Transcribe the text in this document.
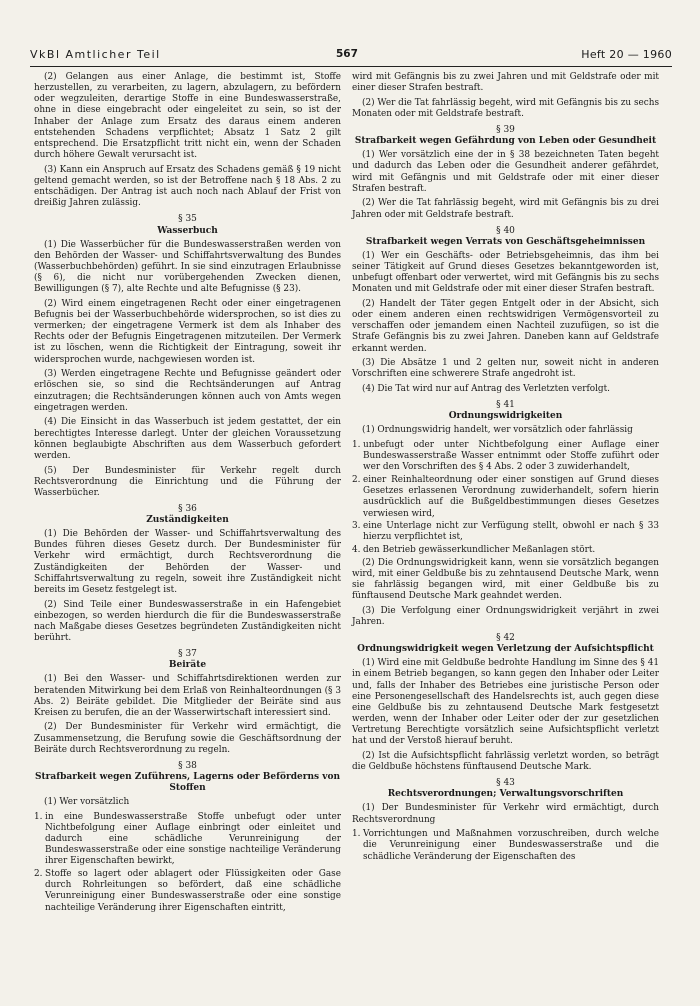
VkBl Amtlicher Teil	567	Heft 20 — 1960

(2) Gelangen aus einer Anlage, die bestimmt ist, Stoffe herzustellen, zu verarbeiten, zu lagern, abzulagern, zu befördern oder wegzuleiten, derartige Stoffe in eine Bundeswasserstraße, ohne in diese eingebracht oder eingeleitet zu sein, so ist der Inhaber der Anlage zum Ersatz des daraus einem anderen entstehenden Schadens verpflichtet; Absatz 1 Satz 2 gilt entsprechend. Die Ersatzpflicht tritt nicht ein, wenn der Schaden durch höhere Gewalt verursacht ist.

(3) Kann ein Anspruch auf Ersatz des Schadens gemäß § 19 nicht geltend gemacht werden, so ist der Betroffene nach § 18 Abs. 2 zu entschädigen. Der Antrag ist auch noch nach Ablauf der Frist von dreißig Jahren zulässig.

§ 35
Wasserbuch

(1) Die Wasserbücher für die Bundeswasserstraßen werden von den Behörden der Wasser- und Schiffahrtsverwaltung des Bundes (Wasserbuchbehörden) geführt. In sie sind einzutragen Erlaubnisse (§ 6), die nicht nur vorübergehenden Zwecken dienen, Bewilligungen (§ 7), alte Rechte und alte Befugnisse (§ 23).

(2) Wird einem eingetragenen Recht oder einer eingetragenen Befugnis bei der Wasserbuchbehörde widersprochen, so ist dies zu vermerken; der eingetragene Vermerk ist dem als Inhaber des Rechts oder der Befugnis Eingetragenen mitzuteilen. Der Vermerk ist zu löschen, wenn die Richtigkeit der Eintragung, soweit ihr widersprochen wurde, nachgewiesen worden ist.

(3) Werden eingetragene Rechte und Befugnisse geändert oder erlöschen sie, so sind die Rechtsänderungen auf Antrag einzutragen; die Rechtsänderungen können auch von Amts wegen eingetragen werden.

(4) Die Einsicht in das Wasserbuch ist jedem gestattet, der ein berechtigtes Interesse darlegt. Unter der gleichen Voraussetzung können beglaubigte Abschriften aus dem Wasserbuch gefordert werden.

(5) Der Bundesminister für Verkehr regelt durch Rechtsverordnung die Einrichtung und die Führung der Wasserbücher.

§ 36
Zuständigkeiten

(1) Die Behörden der Wasser- und Schiffahrtsverwaltung des Bundes führen dieses Gesetz durch. Der Bundesminister für Verkehr wird ermächtigt, durch Rechtsverordnung die Zuständigkeiten der Behörden der Wasser- und Schiffahrtsverwaltung zu regeln, soweit ihre Zuständigkeit nicht bereits im Gesetz festgelegt ist.

(2) Sind Teile einer Bundeswasserstraße in ein Hafengebiet einbezogen, so werden hierdurch die für die Bundeswasserstraße nach Maßgabe dieses Gesetzes begründeten Zuständigkeiten nicht berührt.

§ 37
Beiräte

(1) Bei den Wasser- und Schiffahrtsdirektionen werden zur beratenden Mitwirkung bei dem Erlaß von Reinhalteordnungen (§ 3 Abs. 2) Beiräte gebildet. Die Mitglieder der Beiräte sind aus Kreisen zu berufen, die an der Wasserwirtschaft interessiert sind.

(2) Der Bundesminister für Verkehr wird ermächtigt, die Zusammensetzung, die Berufung sowie die Geschäftsordnung der Beiräte durch Rechtsverordnung zu regeln.

§ 38
Strafbarkeit wegen Zuführens, Lagerns oder Beförderns von Stoffen

(1) Wer vorsätzlich

1. in eine Bundeswasserstraße Stoffe unbefugt oder unter Nichtbefolgung einer Auflage einbringt oder einleitet und dadurch eine schädliche Verunreinigung der Bundeswasserstraße oder eine sonstige nachteilige Veränderung ihrer Eigenschaften bewirkt,

2. Stoffe so lagert oder ablagert oder Flüssigkeiten oder Gase durch Rohrleitungen so befördert, daß eine schädliche Verunreinigung einer Bundeswasserstraße oder eine sonstige nachteilige Veränderung ihrer Eigenschaften eintritt,

wird mit Gefängnis bis zu zwei Jahren und mit Geldstrafe oder mit einer dieser Strafen bestraft.

(2) Wer die Tat fahrlässig begeht, wird mit Gefängnis bis zu sechs Monaten oder mit Geldstrafe bestraft.

§ 39
Strafbarkeit wegen Gefährdung von Leben oder Gesundheit

(1) Wer vorsätzlich eine der in § 38 bezeichneten Taten begeht und dadurch das Leben oder die Gesundheit anderer gefährdet, wird mit Gefängnis und mit Geldstrafe oder mit einer dieser Strafen bestraft.

(2) Wer die Tat fahrlässig begeht, wird mit Gefängnis bis zu drei Jahren oder mit Geldstrafe bestraft.

§ 40
Strafbarkeit wegen Verrats von Geschäftsgeheimnissen

(1) Wer ein Geschäfts- oder Betriebsgeheimnis, das ihm bei seiner Tätigkeit auf Grund dieses Gesetzes bekanntgeworden ist, unbefugt offenbart oder verwertet, wird mit Gefängnis bis zu sechs Monaten und mit Geldstrafe oder mit einer dieser Strafen bestraft.

(2) Handelt der Täter gegen Entgelt oder in der Absicht, sich oder einem anderen einen rechtswidrigen Vermögensvorteil zu verschaffen oder jemandem einen Nachteil zuzufügen, so ist die Strafe Gefängnis bis zu zwei Jahren. Daneben kann auf Geldstrafe erkannt werden.

(3) Die Absätze 1 und 2 gelten nur, soweit nicht in anderen Vorschriften eine schwerere Strafe angedroht ist.

(4) Die Tat wird nur auf Antrag des Verletzten verfolgt.

§ 41
Ordnungswidrigkeiten

(1) Ordnungswidrig handelt, wer vorsätzlich oder fahrlässig

1. unbefugt oder unter Nichtbefolgung einer Auflage einer Bundeswasserstraße Wasser entnimmt oder Stoffe zuführt oder wer den Vorschriften des § 4 Abs. 2 oder 3 zuwiderhandelt,

2. einer Reinhalteordnung oder einer sonstigen auf Grund dieses Gesetzes erlassenen Verordnung zuwiderhandelt, sofern hierin ausdrücklich auf die Bußgeldbestimmungen dieses Gesetzes verwiesen wird,

3. eine Unterlage nicht zur Verfügung stellt, obwohl er nach § 33 hierzu verpflichtet ist,

4. den Betrieb gewässerkundlicher Meßanlagen stört.

(2) Die Ordnungswidrigkeit kann, wenn sie vorsätzlich begangen wird, mit einer Geldbuße bis zu zehntausend Deutsche Mark, wenn sie fahrlässig begangen wird, mit einer Geldbuße bis zu fünftausend Deutsche Mark geahndet werden.

(3) Die Verfolgung einer Ordnungswidrigkeit verjährt in zwei Jahren.

§ 42
Ordnungswidrigkeit wegen Verletzung der Aufsichtspflicht

(1) Wird eine mit Geldbuße bedrohte Handlung im Sinne des § 41 in einem Betrieb begangen, so kann gegen den Inhaber oder Leiter und, falls der Inhaber des Betriebes eine juristische Person oder eine Personengesellschaft des Handelsrechts ist, auch gegen diese eine Geldbuße bis zu zehntausend Deutsche Mark festgesetzt werden, wenn der Inhaber oder Leiter oder der zur gesetzlichen Vertretung Berechtigte vorsätzlich seine Aufsichtspflicht verletzt hat und der Verstoß hierauf beruht.

(2) Ist die Aufsichtspflicht fahrlässig verletzt worden, so beträgt die Geldbuße höchstens fünftausend Deutsche Mark.

§ 43
Rechtsverordnungen; Verwaltungsvorschriften

(1) Der Bundesminister für Verkehr wird ermächtigt, durch Rechtsverordnung

1. Vorrichtungen und Maßnahmen vorzuschreiben, durch welche die Verunreinigung einer Bundeswasserstraße und die schädliche Veränderung der Eigenschaften des
